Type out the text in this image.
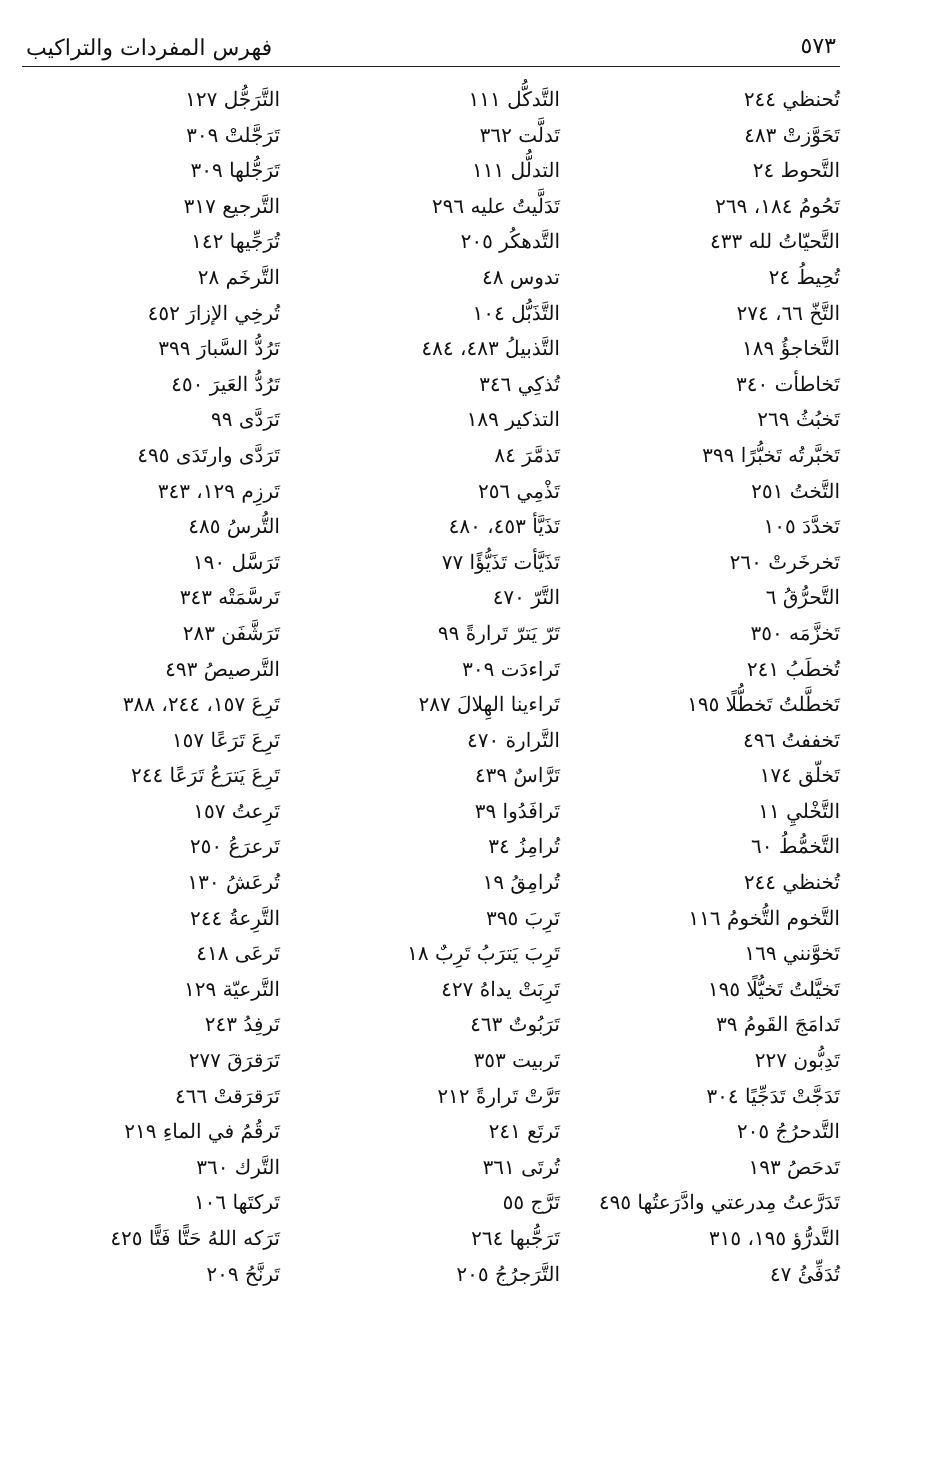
٥٧٣
فهرس المفردات والتراكيب
تُحنظي ٢٤٤
تَحَوَّزتْ ٤٨٣
التَّحوط ٢٤
تَحُومُ ١٨٤، ٢٦٩
التَّحيّاتُ لله ٤٣٣
تُحِيطُ ٢٤
التَّخّ ٦٦، ٢٧٤
التَّخاجؤُ ١٨٩
تَخاطأت ٣٤٠
تَخبُثُ ٢٦٩
تَخبَّرتُه تَخبُّرًا ٣٩٩
التَّختُ ٢٥١
تَخدَّدَ ١٠٥
تَخرخَرتْ ٢٦٠
التَّحرُّقُ ٦
تَخزَّمَه ٣٥٠
تُخطَبُ ٢٤١
تَخطَّلتُ تَخطُّلًا ١٩٥
تَخففتُ ٤٩٦
تَخلّق ١٧٤
التَّخْليِ ١١
التَّخمُّطُ ٦٠
تُخنظي ٢٤٤
التَّخوم التُّخومُ ١١٦
تَخوَّنني ١٦٩
تَخيَّلتُ تَخيُّلًا ١٩٥
تَدامَجَ القَومُ ٣٩
تَدِبُّون ٢٢٧
تَدَجَّتْ تَدَجِّيًا ٣٠٤
التَّدحرُجُ ٢٠٥
تَدحَصُ ١٩٣
تَدَرَّعتُ مِدرعتي وادَّرَعتُها ٤٩٥
التَّدرُّؤ ١٩٥، ٣١٥
تُدَفِّئُ ٤٧
التَّدكُّل ١١١
تَدلَّت ٣٦٢
التدلُّل ١١١
تَدَلَّيتُ عليه ٢٩٦
التَّدهكُر ٢٠٥
تدوس ٤٨
التَّذَبُّل ١٠٤
التَّذبيلُ ٤٨٣، ٤٨٤
تُذكِي ٣٤٦
التذكير ١٨٩
تَذمَّرَ ٨٤
تَذْمِي ٢٥٦
تَذَيَّأ ٤٥٣، ٤٨٠
تَذَيَّأت تَذَيُّؤًا ٧٧
التَّرّ ٤٧٠
تَرّ يَترّ تَرارةً ٩٩
تَراءدَت ٣٠٩
تَراءينا الهِلالَ ٢٨٧
التَّرارة ٤٧٠
تَرَّاسٌ ٤٣٩
تَرافَدُوا ٣٩
تُرامِزُ ٣٤
تُرامِقُ ١٩
تَرِبَ ٣٩٥
تَرِبَ يَترَبُ تَرِبٌ ١٨
تَرِبَتْ يداهُ ٤٢٧
تَرَبُوتٌ ٤٦٣
تَربيت ٣٥٣
تَرَّتْ تَرارةً ٢١٢
تَرتَع ٢٤١
تُرتَى ٣٦١
تَرَّج ٥٥
تَرَجُّبها ٢٦٤
التَّرَجرُجُ ٢٠٥
التَّرَجُّل ١٢٧
تَرَجَّلتْ ٣٠٩
تَرَجُّلها ٣٠٩
التَّرجيع ٣١٧
تُرَجِّيها ١٤٢
التَّرخَم ٢٨
تُرخِي الإزارَ ٤٥٢
تَرُدُّ السَّبارَ ٣٩٩
تَرُدُّ العَيرَ ٤٥٠
تَرَدَّى ٩٩
تَرَدَّى وارتَدَى ٤٩٥
تَرزِم ١٢٩، ٣٤٣
التُّرسُ ٤٨٥
تَرَسَّل ١٩٠
تَرسَّمَتْه ٣٤٣
تَرَشَّفَن ٢٨٣
التَّرصيصُ ٤٩٣
تَرِعَ ١٥٧، ٢٤٤، ٣٨٨
تَرِعَ تَرَعًا ١٥٧
تَرِعَ يَترَعُ تَرَعًا ٢٤٤
تَرِعتُ ١٥٧
تَرعرَعُ ٢٥٠
تُرعَشُ ١٣٠
التَّرِعةُ ٢٤٤
تَرعَى ٤١٨
التَّرعيّة ١٢٩
تَرفِدُ ٢٤٣
تَرَقرَقَ ٢٧٧
تَرَقرَقتْ ٤٦٦
تَرقُمُ في الماءِ ٢١٩
التَّرك ٣٦٠
تَركتَها ١٠٦
تَرَكه اللهُ حَتًّا فَتًّا ٤٢٥
تَرنَّحُ ٢٠٩
